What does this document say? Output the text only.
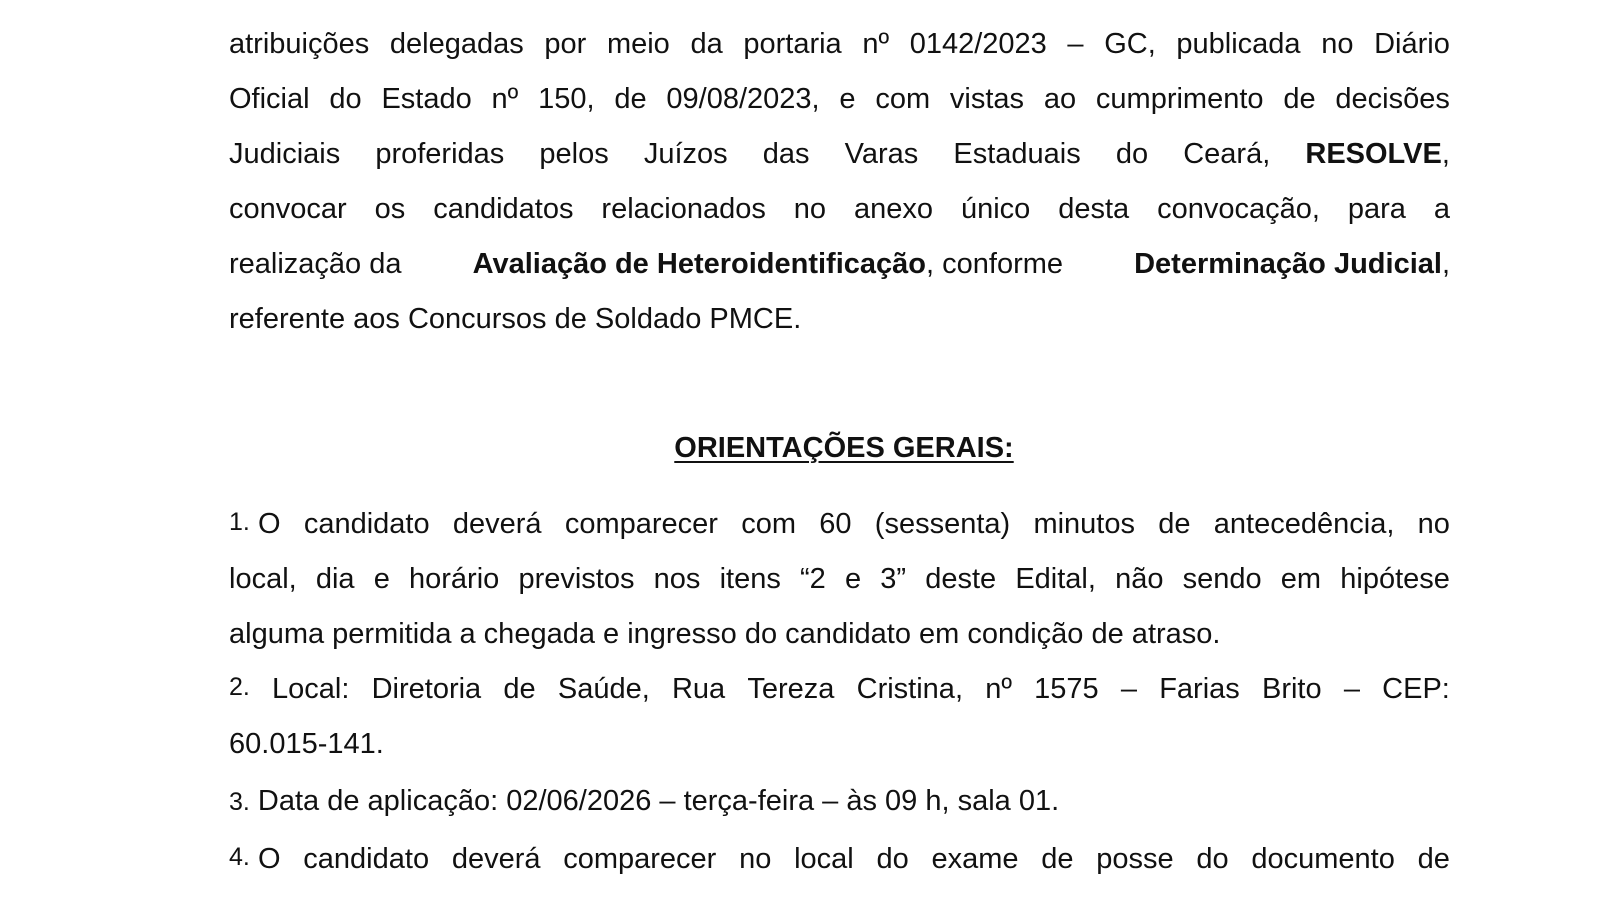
atribuições delegadas por meio da portaria nº 0142/2023 – GC, publicada no Diário
Oficial do Estado nº 150, de 09/08/2023, e com vistas ao cumprimento de decisões
Judiciais proferidas pelos Juízos das Varas Estaduais do Ceará, RESOLVE,
convocar os candidatos relacionados no anexo único desta convocação, para a
realização da Avaliação de Heteroidentificação, conforme Determinação Judicial,
referente aos Concursos de Soldado PMCE.
ORIENTAÇÕES GERAIS:
1. O candidato deverá comparecer com 60 (sessenta) minutos de antecedência, no
local, dia e horário previstos nos itens “2 e 3” deste Edital, não sendo em hipótese
alguma permitida a chegada e ingresso do candidato em condição de atraso.
2. Local: Diretoria de Saúde, Rua Tereza Cristina, nº 1575 – Farias Brito – CEP:
60.015-141.
3. Data de aplicação: 02/06/2026 – terça-feira – às 09 h, sala 01.
4. O candidato deverá comparecer no local do exame de posse do documento de
